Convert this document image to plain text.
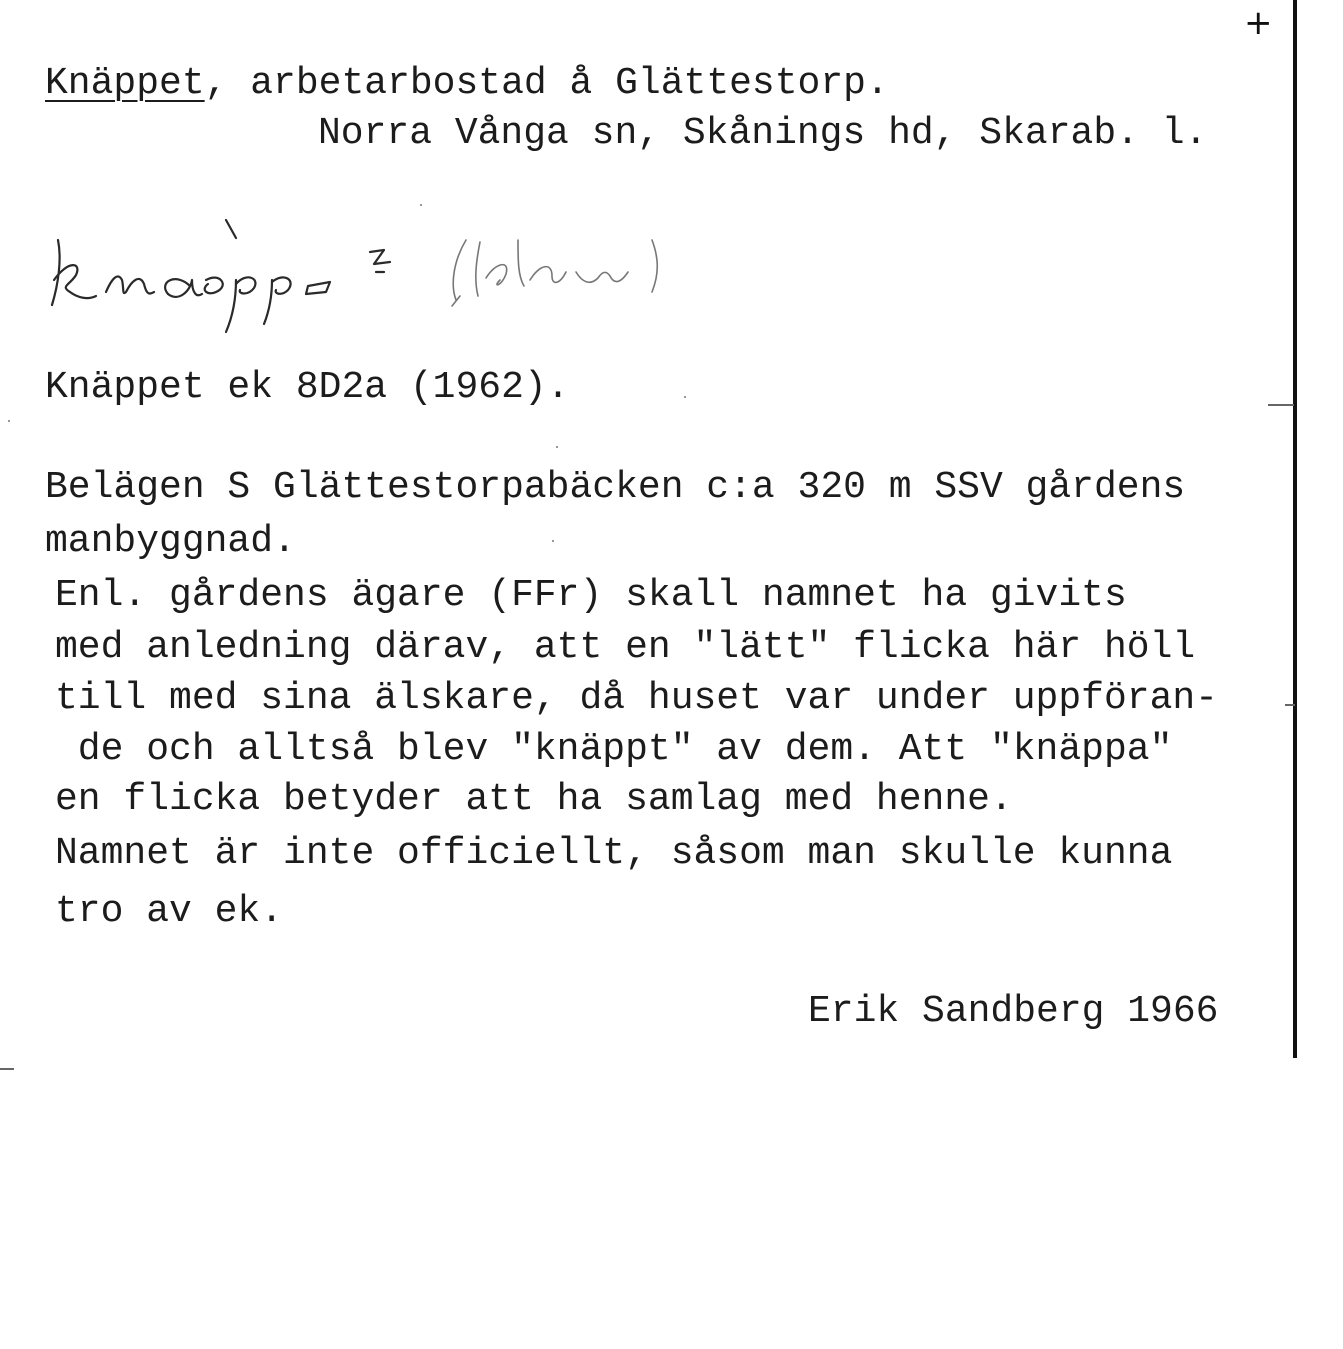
+
Knäppet, arbetarbostad å Glättestorp.
Norra Vånga sn, Skånings hd, Skarab. l.
Knäppet ek 8D2a (1962).
Belägen S Glättestorpabäcken c:a 320 m SSV gårdens
manbyggnad.
Enl. gårdens ägare (FFr) skall namnet ha givits
med anledning därav, att en "lätt" flicka här höll
till med sina älskare, då huset var under uppföran-
de och alltså blev "knäppt" av dem. Att "knäppa"
en flicka betyder att ha samlag med henne.
Namnet är inte officiellt, såsom man skulle kunna
tro av ek.
Erik Sandberg 1966
